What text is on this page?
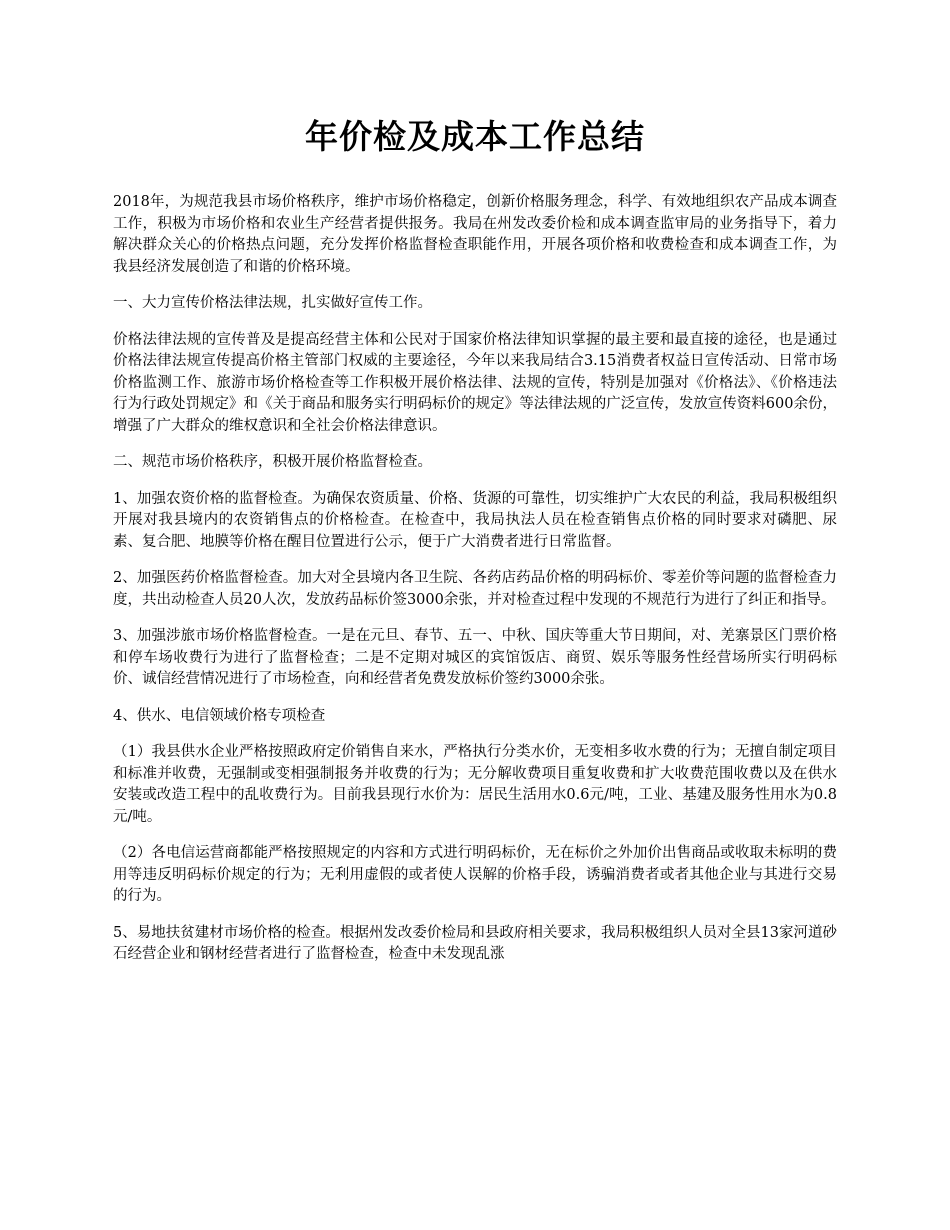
年价检及成本工作总结

2018年，为规范我县市场价格秩序，维护市场价格稳定，创新价格服务理念，科学、有效地组织农产品成本调查工作，积极为市场价格和农业生产经营者提供报务。我局在州发改委价检和成本调查监审局的业务指导下，着力解决群众关心的价格热点问题，充分发挥价格监督检查职能作用，开展各项价格和收费检查和成本调查工作，为我县经济发展创造了和谐的价格环境。

一、大力宣传价格法律法规，扎实做好宣传工作。

价格法律法规的宣传普及是提高经营主体和公民对于国家价格法律知识掌握的最主要和最直接的途径，也是通过价格法律法规宣传提高价格主管部门权威的主要途径，今年以来我局结合3.15消费者权益日宣传活动、日常市场价格监测工作、旅游市场价格检查等工作积极开展价格法律、法规的宣传，特别是加强对《价格法》、《价格违法行为行政处罚规定》和《关于商品和服务实行明码标价的规定》等法律法规的广泛宣传，发放宣传资料600余份，增强了广大群众的维权意识和全社会价格法律意识。

二、规范市场价格秩序，积极开展价格监督检查。

1、加强农资价格的监督检查。为确保农资质量、价格、货源的可靠性，切实维护广大农民的利益，我局积极组织开展对我县境内的农资销售点的价格检查。在检查中，我局执法人员在检查销售点价格的同时要求对磷肥、尿素、复合肥、地膜等价格在醒目位置进行公示，便于广大消费者进行日常监督。

2、加强医药价格监督检查。加大对全县境内各卫生院、各药店药品价格的明码标价、零差价等问题的监督检查力度，共出动检查人员20人次，发放药品标价签3000余张，并对检查过程中发现的不规范行为进行了纠正和指导。

3、加强涉旅市场价格监督检查。一是在元旦、春节、五一、中秋、国庆等重大节日期间，对、羌寨景区门票价格和停车场收费行为进行了监督检查；二是不定期对城区的宾馆饭店、商贸、娱乐等服务性经营场所实行明码标价、诚信经营情况进行了市场检查，向和经营者免费发放标价签约3000余张。

4、供水、电信领域价格专项检查

（1）我县供水企业严格按照政府定价销售自来水，严格执行分类水价，无变相多收水费的行为；无擅自制定项目和标准并收费，无强制或变相强制报务并收费的行为；无分解收费项目重复收费和扩大收费范围收费以及在供水安装或改造工程中的乱收费行为。目前我县现行水价为：居民生活用水0.6元/吨，工业、基建及服务性用水为0.8元/吨。

（2）各电信运营商都能严格按照规定的内容和方式进行明码标价，无在标价之外加价出售商品或收取未标明的费用等违反明码标价规定的行为；无利用虚假的或者使人误解的价格手段，诱骗消费者或者其他企业与其进行交易的行为。

5、易地扶贫建材市场价格的检查。根据州发改委价检局和县政府相关要求，我局积极组织人员对全县13家河道砂石经营企业和钢材经营者进行了监督检查，检查中未发现乱涨
